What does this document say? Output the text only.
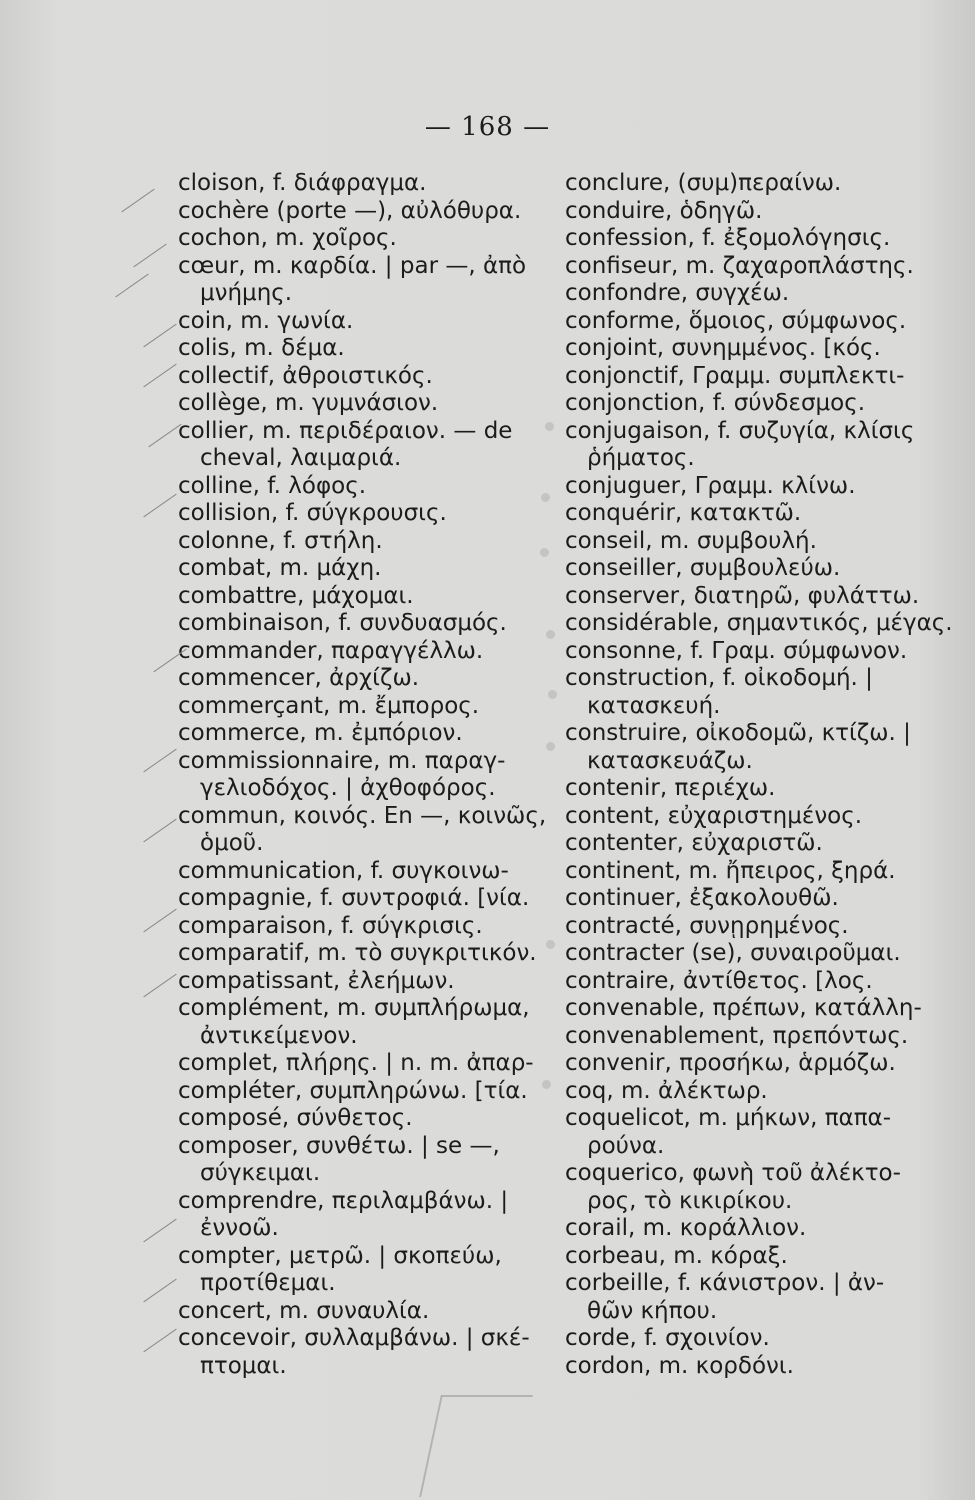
— 168 —
cloison, f. διάφραγμα.
cochère (porte —), αὐλόθυρα.
cochon, m. χοῖρος.
cœur, m. καρδία. | par —, ἀπὸ
μνήμης.
coin, m. γωνία.
colis, m. δέμα.
collectif, ἀθροιστικός.
collège, m. γυμνάσιον.
collier, m. περιδέραιον. — de
cheval, λαιμαριά.
colline, f. λόφος.
collision, f. σύγκρουσις.
colonne, f. στήλη.
combat, m. μάχη.
combattre, μάχομαι.
combinaison, f. συνδυασμός.
commander, παραγγέλλω.
commencer, ἀρχίζω.
commerçant, m. ἔμπορος.
commerce, m. ἐμπόριον.
commissionnaire, m. παραγ-
γελιοδόχος. | ἀχθοφόρος.
commun, κοινός. En —, κοινῶς,
ὁμοῦ.
communication, f. συγκοινω-
compagnie, f. συντροφιά. [νία.
comparaison, f. σύγκρισις.
comparatif, m. τὸ συγκριτικόν.
compatissant, ἐλεήμων.
complément, m. συμπλήρωμα,
ἀντικείμενον.
complet, πλήρης. | n. m. ἀπαρ-
compléter, συμπληρώνω. [τία.
composé, σύνθετος.
composer, συνθέτω. | se —,
σύγκειμαι.
comprendre, περιλαμβάνω. |
ἐννοῶ.
compter, μετρῶ. | σκοπεύω,
προτίθεμαι.
concert, m. συναυλία.
concevoir, συλλαμβάνω. | σκέ-
πτομαι.
conclure, (συμ)περαίνω.
conduire, ὁδηγῶ.
confession, f. ἐξομολόγησις.
confiseur, m. ζαχαροπλάστης.
confondre, συγχέω.
conforme, ὅμοιος, σύμφωνος.
conjoint, συνημμένος. [κός.
conjonctif, Γραμμ. συμπλεκτι-
conjonction, f. σύνδεσμος.
conjugaison, f. συζυγία, κλίσις
ῥήματος.
conjuguer, Γραμμ. κλίνω.
conquérir, κατακτῶ.
conseil, m. συμβουλή.
conseiller, συμβουλεύω.
conserver, διατηρῶ, φυλάττω.
considérable, σημαντικός, μέγας.
consonne, f. Γραμ. σύμφωνον.
construction, f. οἰκοδομή. |
κατασκευή.
construire, οἰκοδομῶ, κτίζω. |
κατασκευάζω.
contenir, περιέχω.
content, εὐχαριστημένος.
contenter, εὐχαριστῶ.
continent, m. ἤπειρος, ξηρά.
continuer, ἐξακολουθῶ.
contracté, συνῃρημένος.
contracter (se), συναιροῦμαι.
contraire, ἀντίθετος. [λος.
convenable, πρέπων, κατάλλη-
convenablement, πρεπόντως.
convenir, προσήκω, ἁρμόζω.
coq, m. ἀλέκτωρ.
coquelicot, m. μήκων, παπα-
ρούνα.
coquerico, φωνὴ τοῦ ἀλέκτο-
ρος, τὸ κικιρίκου.
corail, m. κοράλλιον.
corbeau, m. κόραξ.
corbeille, f. κάνιστρον. | ἀν-
θῶν κήπου.
corde, f. σχοινίον.
cordon, m. κορδόνι.
